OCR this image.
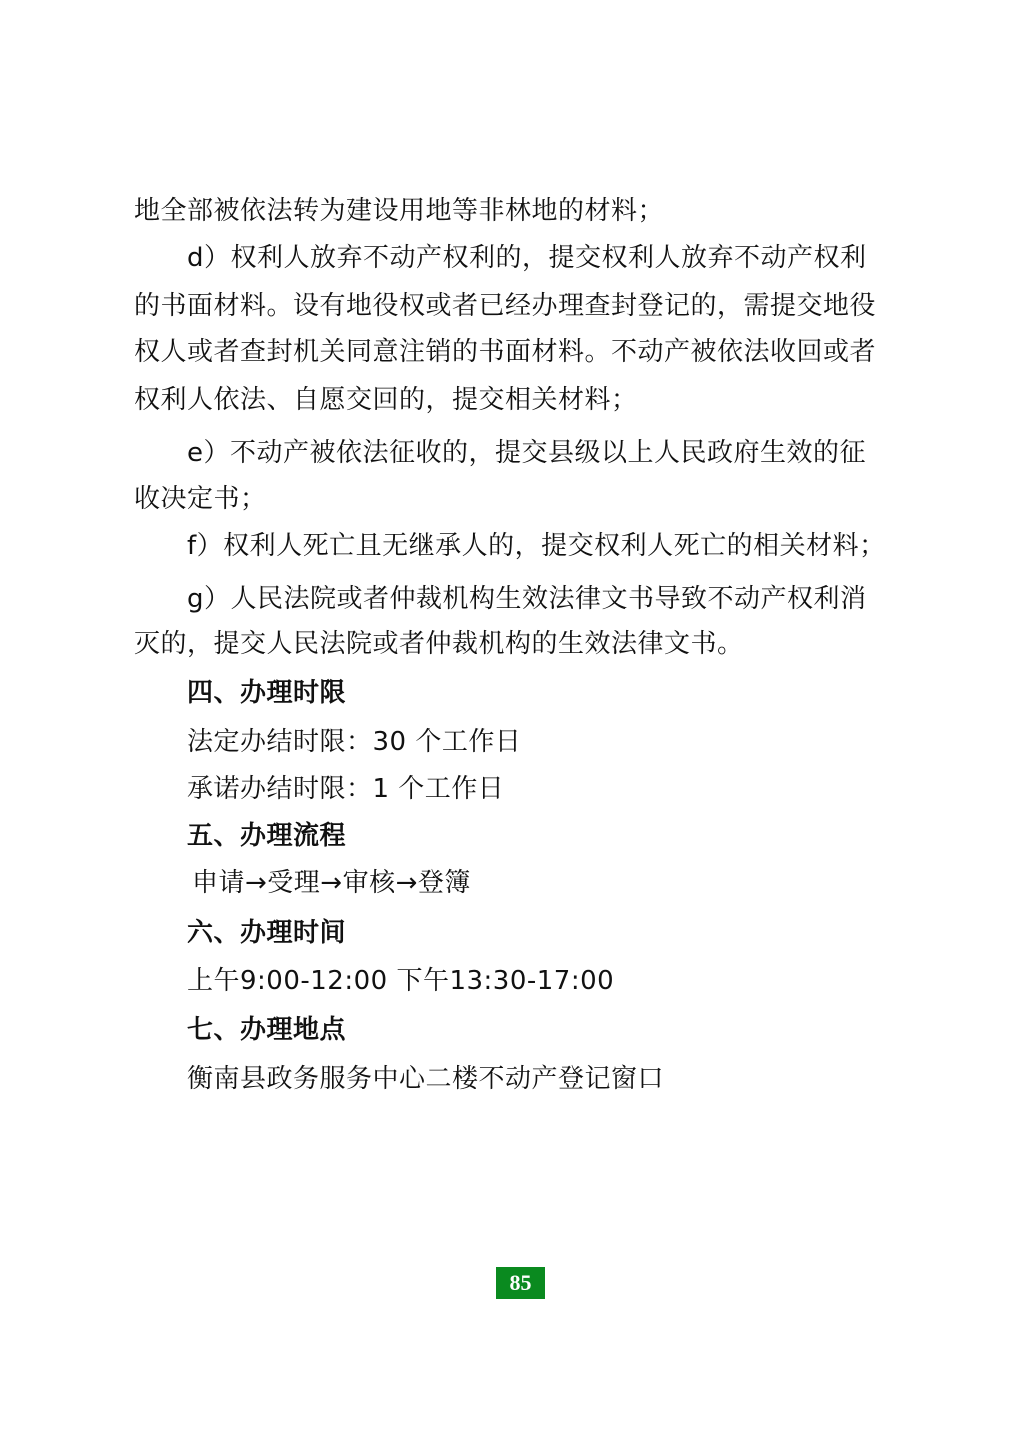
地全部被依法转为建设用地等非林地的材料；
d）权利人放弃不动产权利的，提交权利人放弃不动产权利
的书面材料。设有地役权或者已经办理查封登记的，需提交地役
权人或者查封机关同意注销的书面材料。不动产被依法收回或者
权利人依法、自愿交回的，提交相关材料；
e）不动产被依法征收的，提交县级以上人民政府生效的征
收决定书；
f）权利人死亡且无继承人的，提交权利人死亡的相关材料；
g）人民法院或者仲裁机构生效法律文书导致不动产权利消
灭的，提交人民法院或者仲裁机构的生效法律文书。
四、办理时限
法定办结时限：30 个工作日
承诺办结时限：1 个工作日
五、办理流程
申请→受理→审核→登簿
六、办理时间
上午9:00-12:00 下午13:30-17:00
七、办理地点
衡南县政务服务中心二楼不动产登记窗口
85
